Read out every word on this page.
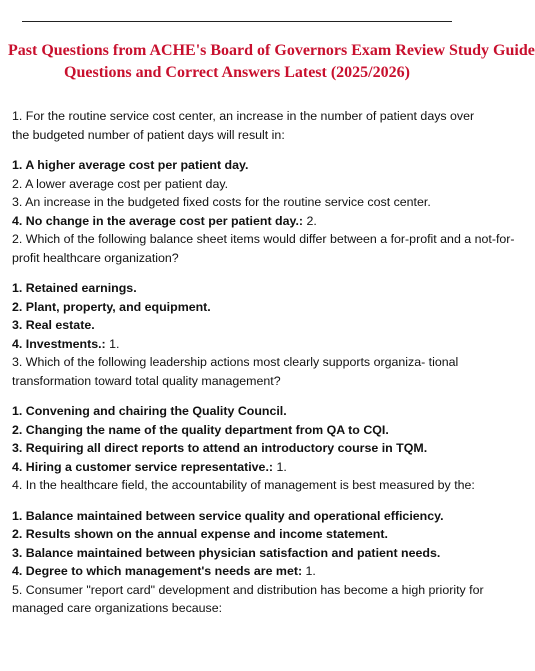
Past Questions from ACHE's Board of Governors Exam Review Study Guide
Questions and Correct Answers Latest (2025/2026)
1. For the routine service cost center, an increase in the number of patient days over
the budgeted number of patient days will result in:
1. A higher average cost per patient day.
2. A lower average cost per patient day.
3. An increase in the budgeted fixed costs for the routine service cost center.
4. No change in the average cost per patient day.: 2.
2. Which of the following balance sheet items would differ between a for-profit and a not-for-
profit healthcare organization?
1. Retained earnings.
2. Plant, property, and equipment.
3. Real estate.
4. Investments.: 1.
3. Which of the following leadership actions most clearly supports organiza- tional
transformation toward total quality management?
1. Convening and chairing the Quality Council.
2. Changing the name of the quality department from QA to CQI.
3. Requiring all direct reports to attend an introductory course in TQM.
4. Hiring a customer service representative.: 1.
4. In the healthcare field, the accountability of management is best measured by the:
1. Balance maintained between service quality and operational efficiency.
2. Results shown on the annual expense and income statement.
3. Balance maintained between physician satisfaction and patient needs.
4. Degree to which management's needs are met: 1.
5. Consumer "report card" development and distribution has become a high priority for
managed care organizations because:
